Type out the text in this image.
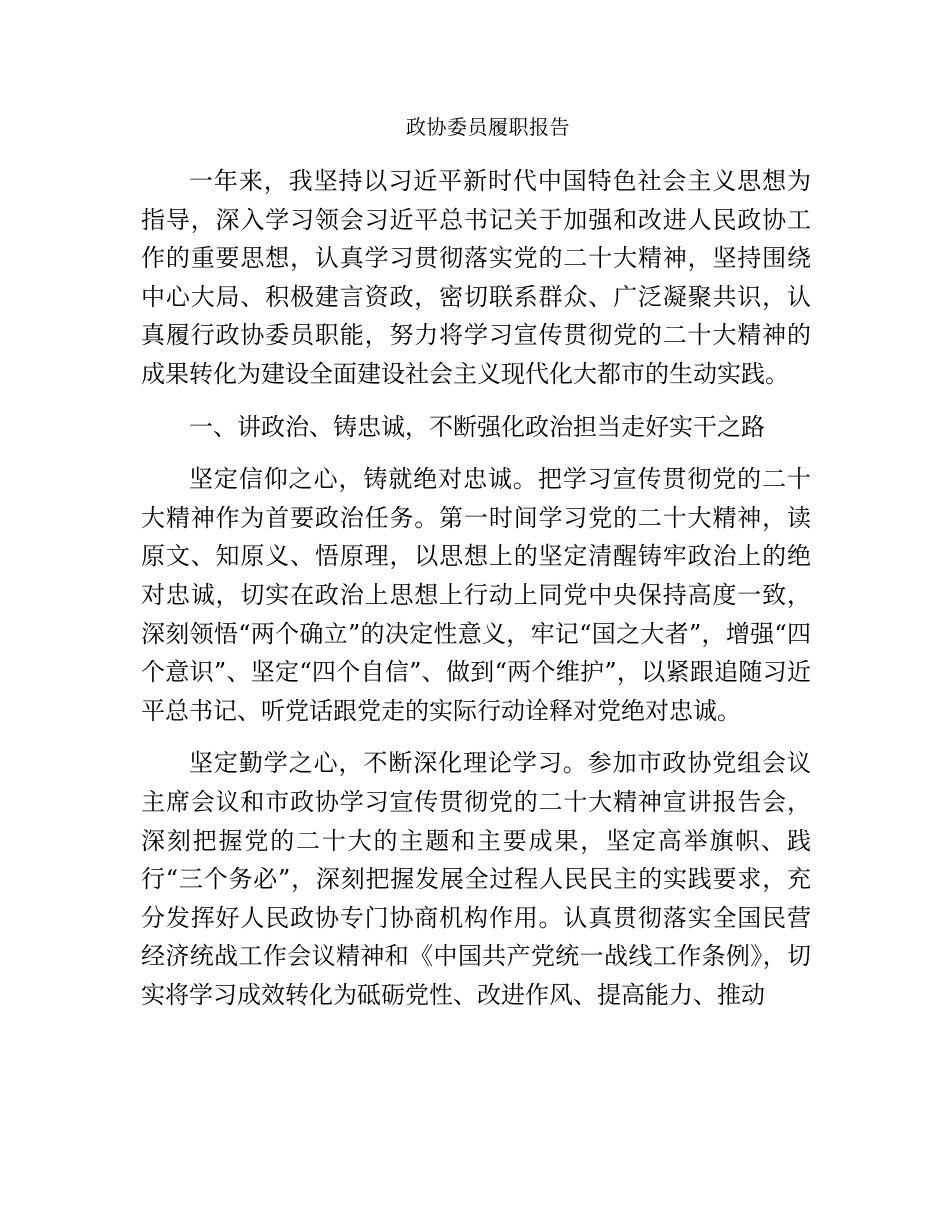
政协委员履职报告

一年来，我坚持以习近平新时代中国特色社会主义思想为指导，深入学习领会习近平总书记关于加强和改进人民政协工作的重要思想，认真学习贯彻落实党的二十大精神，坚持围绕中心大局、积极建言资政，密切联系群众、广泛凝聚共识，认真履行政协委员职能，努力将学习宣传贯彻党的二十大精神的成果转化为建设全面建设社会主义现代化大都市的生动实践。

一、讲政治、铸忠诚，不断强化政治担当走好实干之路

坚定信仰之心，铸就绝对忠诚。把学习宣传贯彻党的二十大精神作为首要政治任务。第一时间学习党的二十大精神，读原文、知原义、悟原理，以思想上的坚定清醒铸牢政治上的绝对忠诚，切实在政治上思想上行动上同党中央保持高度一致，深刻领悟“两个确立”的决定性意义，牢记“国之大者”，增强“四个意识”、坚定“四个自信”、做到“两个维护”，以紧跟追随习近平总书记、听党话跟党走的实际行动诠释对党绝对忠诚。

坚定勤学之心，不断深化理论学习。参加市政协党组会议主席会议和市政协学习宣传贯彻党的二十大精神宣讲报告会，深刻把握党的二十大的主题和主要成果，坚定高举旗帜、践行“三个务必”，深刻把握发展全过程人民民主的实践要求，充分发挥好人民政协专门协商机构作用。认真贯彻落实全国民营经济统战工作会议精神和《中国共产党统一战线工作条例》，切实将学习成效转化为砥砺党性、改进作风、提高能力、推动
